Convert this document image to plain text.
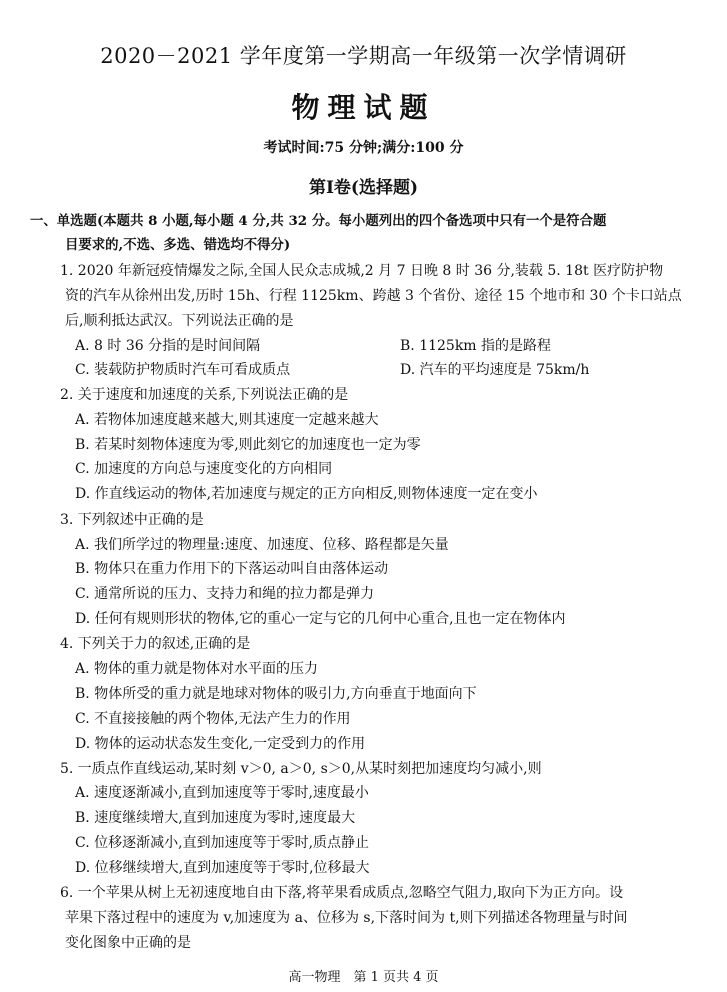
2020－2021 学年度第一学期高一年级第一次学情调研
物理试题
考试时间:75 分钟;满分:100 分
第Ⅰ卷(选择题)
一、单选题(本题共 8 小题,每小题 4 分,共 32 分。每小题列出的四个备选项中只有一个是符合题
目要求的,不选、多选、错选均不得分)
1. 2020 年新冠疫情爆发之际,全国人民众志成城,2 月 7 日晚 8 时 36 分,装载 5. 18t 医疗防护物
资的汽车从徐州出发,历时 15h、行程 1125km、跨越 3 个省份、途径 15 个地市和 30 个卡口站点
后,顺利抵达武汉。下列说法正确的是
A. 8 时 36 分指的是时间间隔	B. 1125km 指的是路程
C. 装载防护物质时汽车可看成质点	D. 汽车的平均速度是 75km/h
2. 关于速度和加速度的关系,下列说法正确的是
A. 若物体加速度越来越大,则其速度一定越来越大
B. 若某时刻物体速度为零,则此刻它的加速度也一定为零
C. 加速度的方向总与速度变化的方向相同
D. 作直线运动的物体,若加速度与规定的正方向相反,则物体速度一定在变小
3. 下列叙述中正确的是
A. 我们所学过的物理量:速度、加速度、位移、路程都是矢量
B. 物体只在重力作用下的下落运动叫自由落体运动
C. 通常所说的压力、支持力和绳的拉力都是弹力
D. 任何有规则形状的物体,它的重心一定与它的几何中心重合,且也一定在物体内
4. 下列关于力的叙述,正确的是
A. 物体的重力就是物体对水平面的压力
B. 物体所受的重力就是地球对物体的吸引力,方向垂直于地面向下
C. 不直接接触的两个物体,无法产生力的作用
D. 物体的运动状态发生变化,一定受到力的作用
5. 一质点作直线运动,某时刻 v＞0, a＞0, s＞0,从某时刻把加速度均匀减小,则
A. 速度逐渐减小,直到加速度等于零时,速度最小
B. 速度继续增大,直到加速度为零时,速度最大
C. 位移逐渐减小,直到加速度等于零时,质点静止
D. 位移继续增大,直到加速度等于零时,位移最大
6. 一个苹果从树上无初速度地自由下落,将苹果看成质点,忽略空气阻力,取向下为正方向。设
苹果下落过程中的速度为 v,加速度为 a、位移为 s,下落时间为 t,则下列描述各物理量与时间
变化图象中正确的是
高一物理　第 1 页共 4 页
